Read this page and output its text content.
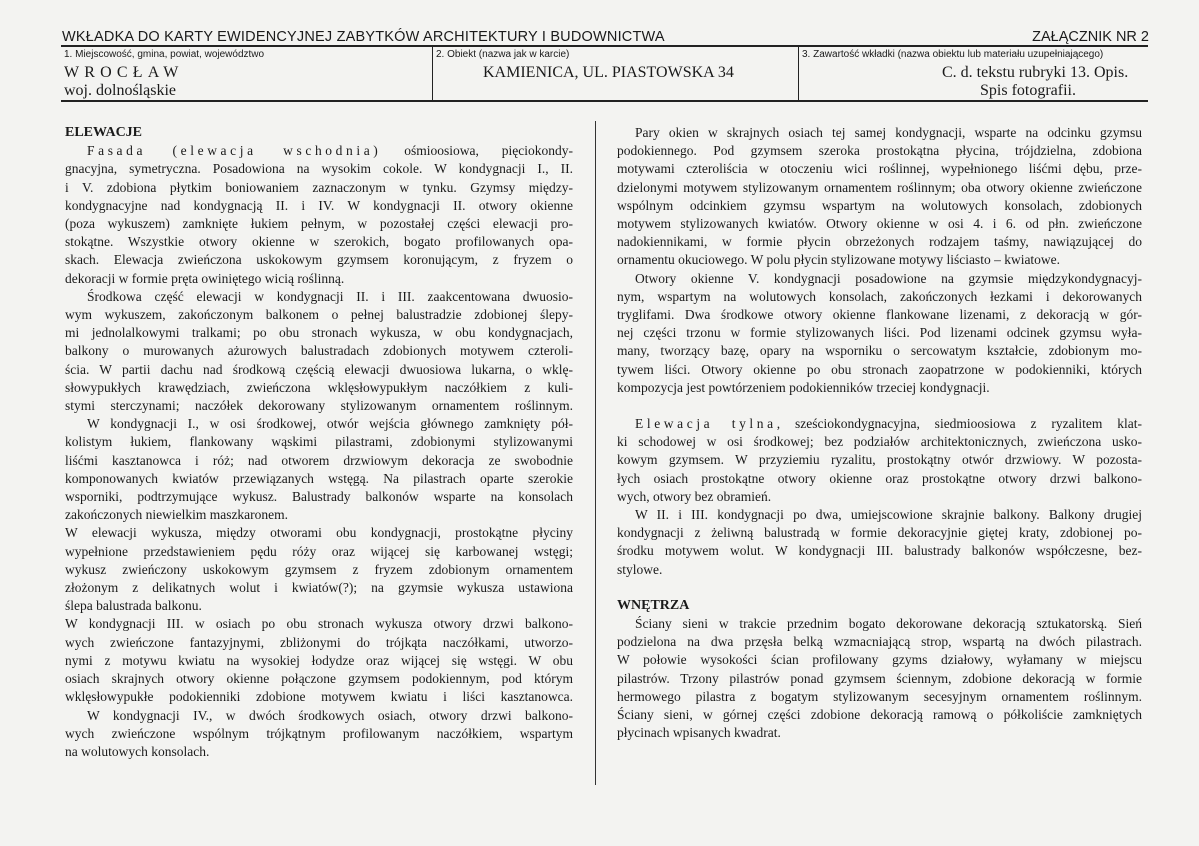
WKŁADKA DO KARTY EWIDENCYJNEJ ZABYTKÓW ARCHITEKTURY I BUDOWNICTWA	ZAŁĄCZNIK NR 2
1. Miejscowość, gmina, powiat, województwo
WROCŁAW
woj. dolnośląskie
2. Obiekt (nazwa jak w karcie)
KAMIENICA, UL. PIASTOWSKA 34
3. Zawartość wkładki (nazwa obiektu lub materiału uzupełniającego)
C. d. tekstu rubryki 13. Opis.
Spis fotografii.
ELEWACJE
Fasada (elewacja wschodnia) ośmioosiowa, pięciokondy-
gnacyjna, symetryczna. Posadowiona na wysokim cokole. W kondygnacji I., II.
i V. zdobiona płytkim boniowaniem zaznaczonym w tynku. Gzymsy między-
kondygnacyjne nad kondygnacją II. i IV. W kondygnacji II. otwory okienne
(poza wykuszem) zamknięte łukiem pełnym, w pozostałej części elewacji pro-
stokątne. Wszystkie otwory okienne w szerokich, bogato profilowanych opa-
skach. Elewacja zwieńczona uskokowym gzymsem koronującym, z fryzem o
dekoracji w formie pręta owiniętego wicią roślinną.
Środkowa część elewacji w kondygnacji II. i III. zaakcentowana dwuosio-
wym wykuszem, zakończonym balkonem o pełnej balustradzie zdobionej ślepy-
mi jednolalkowymi tralkami; po obu stronach wykusza, w obu kondygnacjach,
balkony o murowanych ażurowych balustradach zdobionych motywem czteroli-
ścia. W partii dachu nad środkową częścią elewacji dwuosiowa lukarna, o wklę-
słowypukłych krawędziach, zwieńczona wklęsłowypukłym naczółkiem z kuli-
stymi sterczynami; naczółek dekorowany stylizowanym ornamentem roślinnym.
W kondygnacji I., w osi środkowej, otwór wejścia głównego zamknięty pół-
kolistym łukiem, flankowany wąskimi pilastrami, zdobionymi stylizowanymi
liśćmi kasztanowca i róż; nad otworem drzwiowym dekoracja ze swobodnie
komponowanych kwiatów przewiązanych wstęgą. Na pilastrach oparte szerokie
wsporniki, podtrzymujące wykusz. Balustrady balkonów wsparte na konsolach
zakończonych niewielkim maszkaronem.
W elewacji wykusza, między otworami obu kondygnacji, prostokątne płyciny
wypełnione przedstawieniem pędu róży oraz wijącej się karbowanej wstęgi;
wykusz zwieńczony uskokowym gzymsem z fryzem zdobionym ornamentem
złożonym z delikatnych wolut i kwiatów(?); na gzymsie wykusza ustawiona
ślepa balustrada balkonu.
W kondygnacji III. w osiach po obu stronach wykusza otwory drzwi balkono-
wych zwieńczone fantazyjnymi, zbliżonymi do trójkąta naczółkami, utworzo-
nymi z motywu kwiatu na wysokiej łodydze oraz wijącej się wstęgi. W obu
osiach skrajnych otwory okienne połączone gzymsem podokiennym, pod którym
wklęsłowypukłe podokienniki zdobione motywem kwiatu i liści kasztanowca.
W kondygnacji IV., w dwóch środkowych osiach, otwory drzwi balkono-
wych zwieńczone wspólnym trójkątnym profilowanym naczółkiem, wspartym
na wolutowych konsolach.
Pary okien w skrajnych osiach tej samej kondygnacji, wsparte na odcinku gzymsu
podokiennego. Pod gzymsem szeroka prostokątna płycina, trójdzielna, zdobiona
motywami czteroliścia w otoczeniu wici roślinnej, wypełnionego liśćmi dębu, prze-
dzielonymi motywem stylizowanym ornamentem roślinnym; oba otwory okienne zwieńczone
wspólnym odcinkiem gzymsu wspartym na wolutowych konsolach, zdobionych
motywem stylizowanych kwiatów. Otwory okienne w osi 4. i 6. od płn. zwieńczone
nadokiennikami, w formie płycin obrzeżonych rodzajem taśmy, nawiązującej do
ornamentu okuciowego. W polu płycin stylizowane motywy liściasto – kwiatowe.
Otwory okienne V. kondygnacji posadowione na gzymsie międzykondygnacyj-
nym, wspartym na wolutowych konsolach, zakończonych łezkami i dekorowanych
tryglifami. Dwa środkowe otwory okienne flankowane lizenami, z dekoracją w gór-
nej części trzonu w formie stylizowanych liści. Pod lizenami odcinek gzymsu wyła-
many, tworzący bazę, opary na wsporniku o sercowatym kształcie, zdobionym mo-
tywem liści. Otwory okienne po obu stronach zaopatrzone w podokienniki, których
kompozycja jest powtórzeniem podokienników trzeciej kondygnacji.
Elewacja tylna, sześciokondygnacyjna, siedmioosiowa z ryzalitem klat-
ki schodowej w osi środkowej; bez podziałów architektonicznych, zwieńczona usko-
kowym gzymsem. W przyziemiu ryzalitu, prostokątny otwór drzwiowy. W pozosta-
łych osiach prostokątne otwory okienne oraz prostokątne otwory drzwi balkono-
wych, otwory bez obramień.
W II. i III. kondygnacji po dwa, umiejscowione skrajnie balkony. Balkony drugiej
kondygnacji z żeliwną balustradą w formie dekoracyjnie giętej kraty, zdobionej po-
środku motywem wolut. W kondygnacji III. balustrady balkonów współczesne, bez-
stylowe.
WNĘTRZA
Ściany sieni w trakcie przednim bogato dekorowane dekoracją sztukatorską. Sień
podzielona na dwa przęsła belką wzmacniającą strop, wspartą na dwóch pilastrach.
W połowie wysokości ścian profilowany gzyms działowy, wyłamany w miejscu
pilastrów. Trzony pilastrów ponad gzymsem ściennym, zdobione dekoracją w formie
hermowego pilastra z bogatym stylizowanym secesyjnym ornamentem roślinnym.
Ściany sieni, w górnej części zdobione dekoracją ramową o półkoliście zamkniętych
płycinach wpisanych kwadrat.
